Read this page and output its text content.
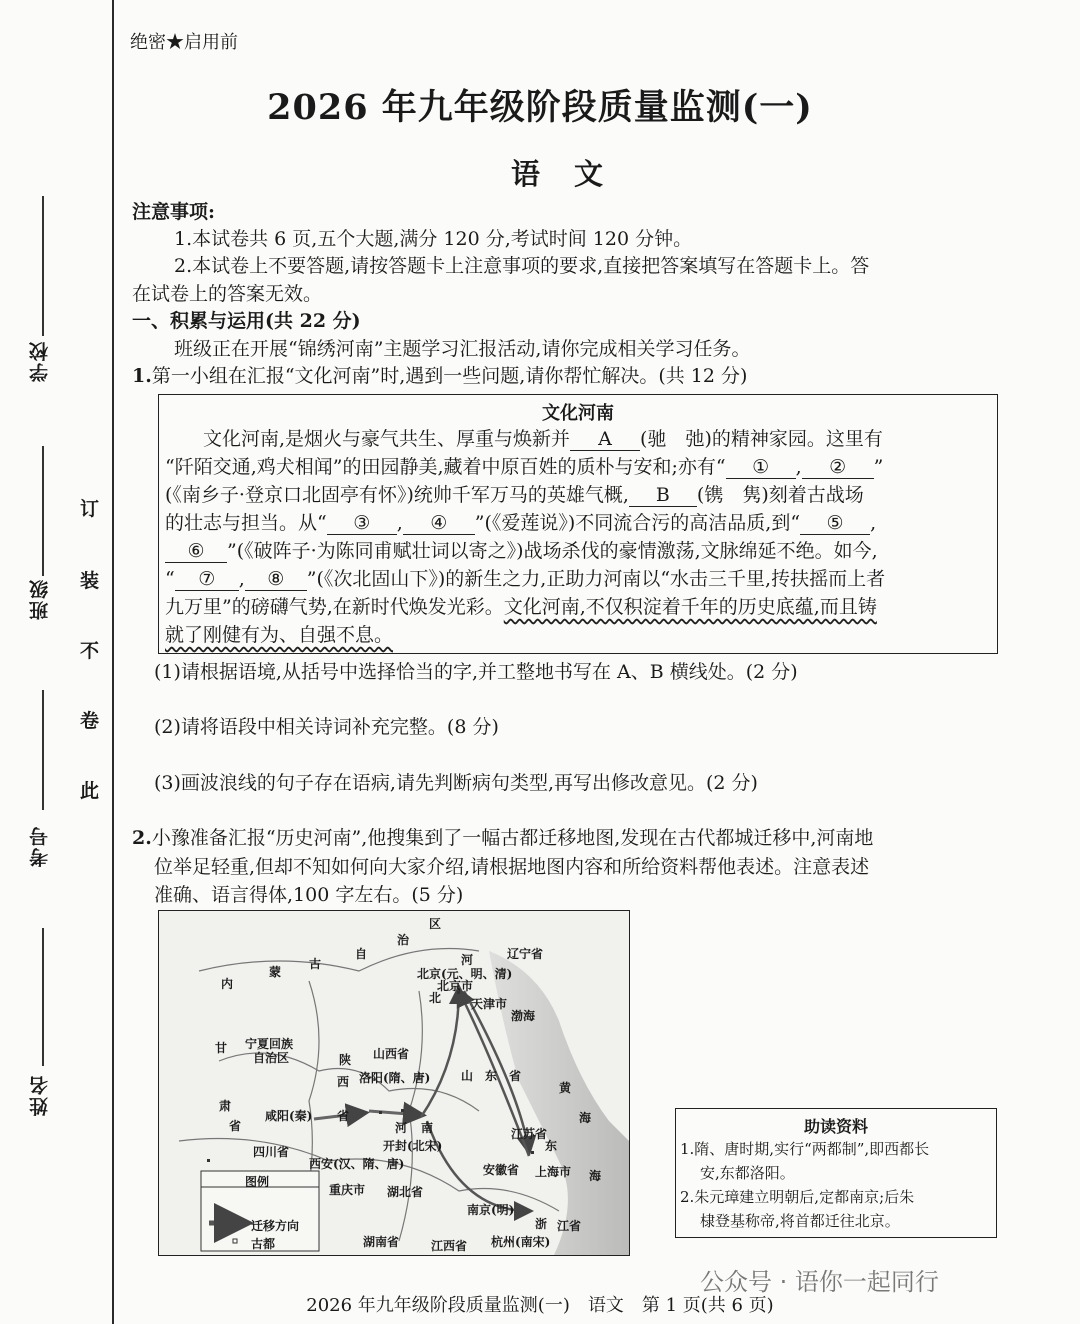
学校
班级
考号
姓名
订
装
不
卷
此
绝密★启用前
2026 年九年级阶段质量监测(一)
语文
注意事项:
1.本试卷共 6 页,五个大题,满分 120 分,考试时间 120 分钟。
2.本试卷上不要答题,请按答题卡上注意事项的要求,直接把答案填写在答题卡上。答
在试卷上的答案无效。
一、积累与运用(共 22 分)
班级正在开展“锦绣河南”主题学习汇报活动,请你完成相关学习任务。
1.第一小组在汇报“文化河南”时,遇到一些问题,请你帮忙解决。(共 12 分)
文化河南
文化河南,是烟火与豪气共生、厚重与焕新并 A (驰　弛)的精神家园。这里有
“阡陌交通,鸡犬相闻”的田园静美,藏着中原百姓的质朴与安和;亦有“ ① , ② ”
(《南乡子·登京口北固亭有怀》)统帅千军万马的英雄气概, B (镌　隽)刻着古战场
的壮志与担当。从“ ③ , ④ ”(《爱莲说》)不同流合污的高洁品质,到“ ⑤ ,
⑥ ”(《破阵子·为陈同甫赋壮词以寄之》)战场杀伐的豪情激荡,文脉绵延不绝。如今,
“ ⑦ , ⑧ ”(《次北固山下》)的新生之力,正助力河南以“水击三千里,抟扶摇而上者
九万里”的磅礴气势,在新时代焕发光彩。文化河南,不仅积淀着千年的历史底蕴,而且铸
就了刚健有为、自强不息。
(1)请根据语境,从括号中选择恰当的字,并工整地书写在 A、B 横线处。(2 分)
(2)请将语段中相关诗词补充完整。(8 分)
(3)画波浪线的句子存在语病,请先判断病句类型,再写出修改意见。(2 分)
2.小豫准备汇报“历史河南”,他搜集到了一幅古都迁移地图,发现在古代都城迁移中,河南地
位举足轻重,但却不知如何向大家介绍,请根据地图内容和所给资料帮他表述。注意表述
准确、语言得体,100 字左右。(5 分)
区
治
自
古
蒙
内
河	辽宁省
北京(元、明、清)
北京市
北 天津市
渤海
甘 宁夏回族
自治区	陕 山西省
西 洛阳(隋、唐)	山　东　省
黄
肃
咸阳(秦) 省	海
省	河 南	江苏省
开封(北宋)	东
四川省
西安(汉、隋、唐)	安徽省 上海市 海
重庆市 湖北省
南京(明)
浙 江省
湖南省	江西省 杭州(南宋)
图例
迁移方向
古都
助读资料
1.隋、唐时期,实行“两都制”,即西都长
安,东都洛阳。
2.朱元璋建立明朝后,定都南京;后朱
棣登基称帝,将首都迁往北京。
公众号 · 语你一起同行
2026 年九年级阶段质量监测(一)　语文　第 1 页(共 6 页)
